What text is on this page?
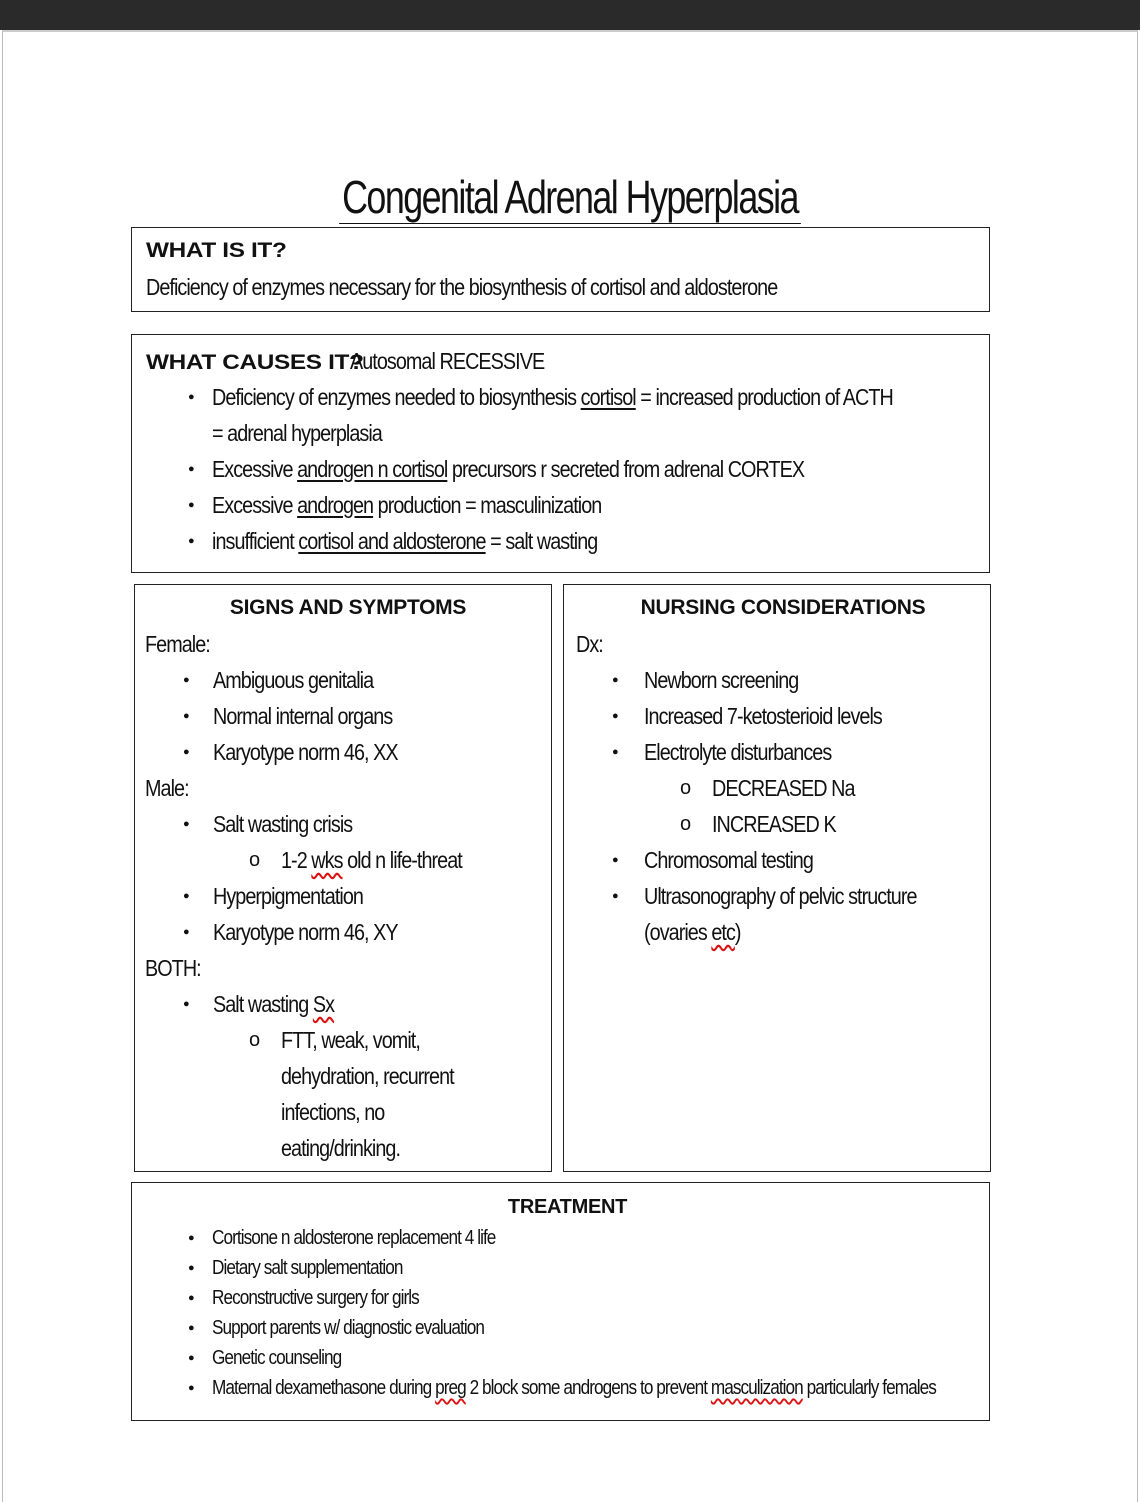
Congenital Adrenal Hyperplasia
WHAT IS IT?
Deficiency of enzymes necessary for the biosynthesis of cortisol and aldosterone
WHAT CAUSES IT?Autosomal RECESSIVE
● Deficiency of enzymes needed to biosynthesis cortisol = increased production of ACTH
= adrenal hyperplasia
● Excessive androgen n cortisol precursors r secreted from adrenal CORTEX
● Excessive androgen production = masculinization
● insufficient cortisol and aldosterone = salt wasting
SIGNS AND SYMPTOMS
Female:
● Ambiguous genitalia
● Normal internal organs
● Karyotype norm 46, XX
Male:
● Salt wasting crisis
o 1-2 wks old n life-threat
● Hyperpigmentation
● Karyotype norm 46, XY
BOTH:
● Salt wasting Sx
o FTT, weak, vomit,
dehydration, recurrent
infections, no
eating/drinking.
NURSING CONSIDERATIONS
Dx:
● Newborn screening
● Increased 7-ketosterioid levels
● Electrolyte disturbances
o DECREASED Na
o INCREASED K
● Chromosomal testing
● Ultrasonography of pelvic structure
(ovaries etc)
TREATMENT
● Cortisone n aldosterone replacement 4 life
● Dietary salt supplementation
● Reconstructive surgery for girls
● Support parents w/ diagnostic evaluation
● Genetic counseling
● Maternal dexamethasone during preg 2 block some androgens to prevent masculization particularly females
